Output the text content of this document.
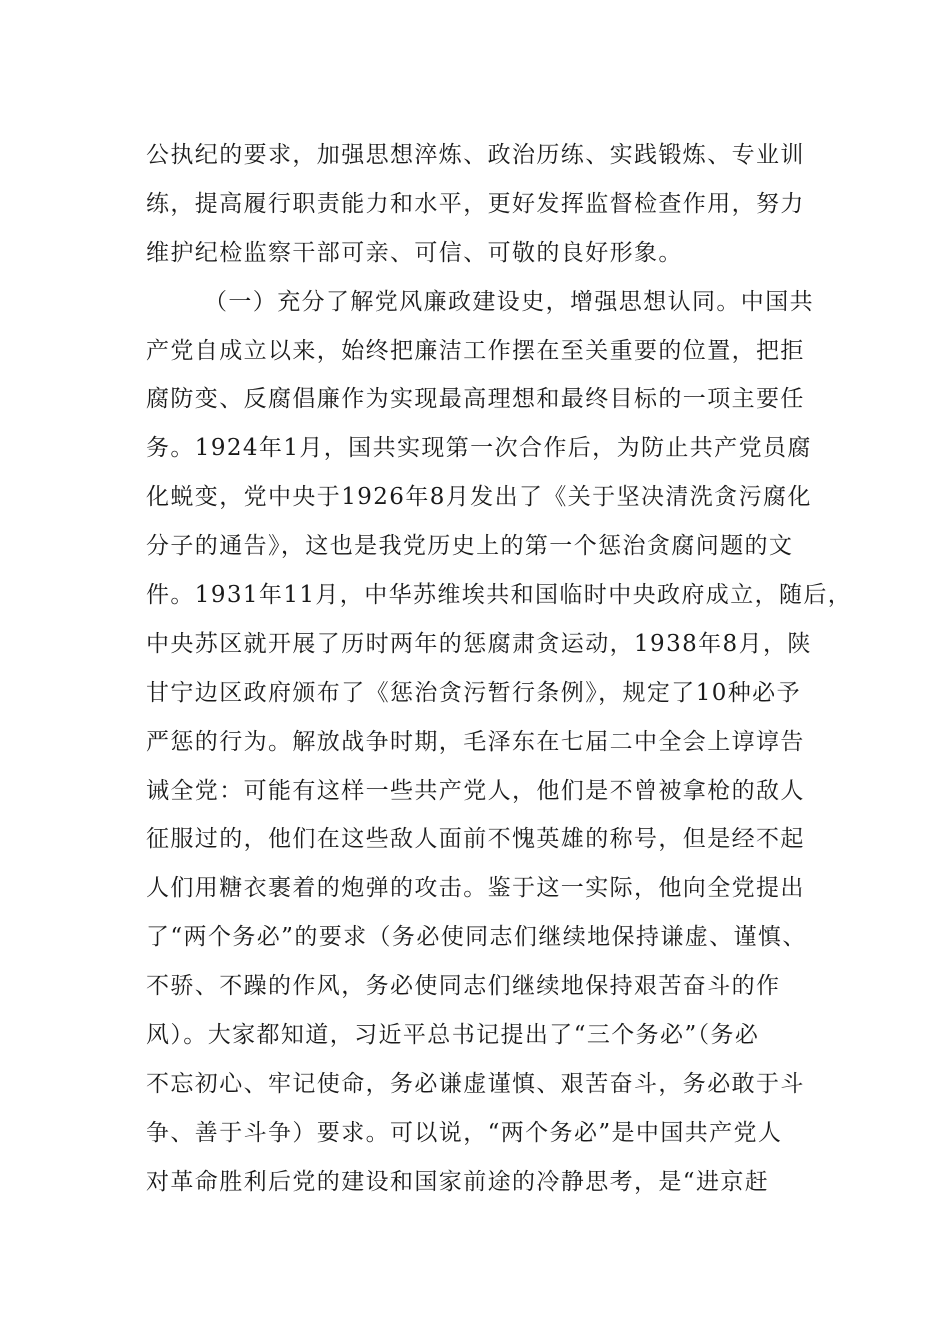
公执纪的要求，加强思想淬炼、政治历练、实践锻炼、专业训
练，提高履行职责能力和水平，更好发挥监督检查作用，努力
维护纪检监察干部可亲、可信、可敬的良好形象。
（一）充分了解党风廉政建设史，增强思想认同。中国共
产党自成立以来，始终把廉洁工作摆在至关重要的位置，把拒
腐防变、反腐倡廉作为实现最高理想和最终目标的一项主要任
务。1924年1月，国共实现第一次合作后，为防止共产党员腐
化蜕变，党中央于1926年8月发出了《关于坚决清洗贪污腐化
分子的通告》，这也是我党历史上的第一个惩治贪腐问题的文
件。1931年11月，中华苏维埃共和国临时中央政府成立，随后，
中央苏区就开展了历时两年的惩腐肃贪运动，1938年8月，陕
甘宁边区政府颁布了《惩治贪污暂行条例》，规定了10种必予
严惩的行为。解放战争时期，毛泽东在七届二中全会上谆谆告
诫全党：可能有这样一些共产党人，他们是不曾被拿枪的敌人
征服过的，他们在这些敌人面前不愧英雄的称号，但是经不起
人们用糖衣裹着的炮弹的攻击。鉴于这一实际，他向全党提出
了“两个务必”的要求（务必使同志们继续地保持谦虚、谨慎、
不骄、不躁的作风，务必使同志们继续地保持艰苦奋斗的作
风）。大家都知道，习近平总书记提出了“三个务必”（务必
不忘初心、牢记使命，务必谦虚谨慎、艰苦奋斗，务必敢于斗
争、善于斗争）要求。可以说，“两个务必”是中国共产党人
对革命胜利后党的建设和国家前途的冷静思考，是“进京赶
